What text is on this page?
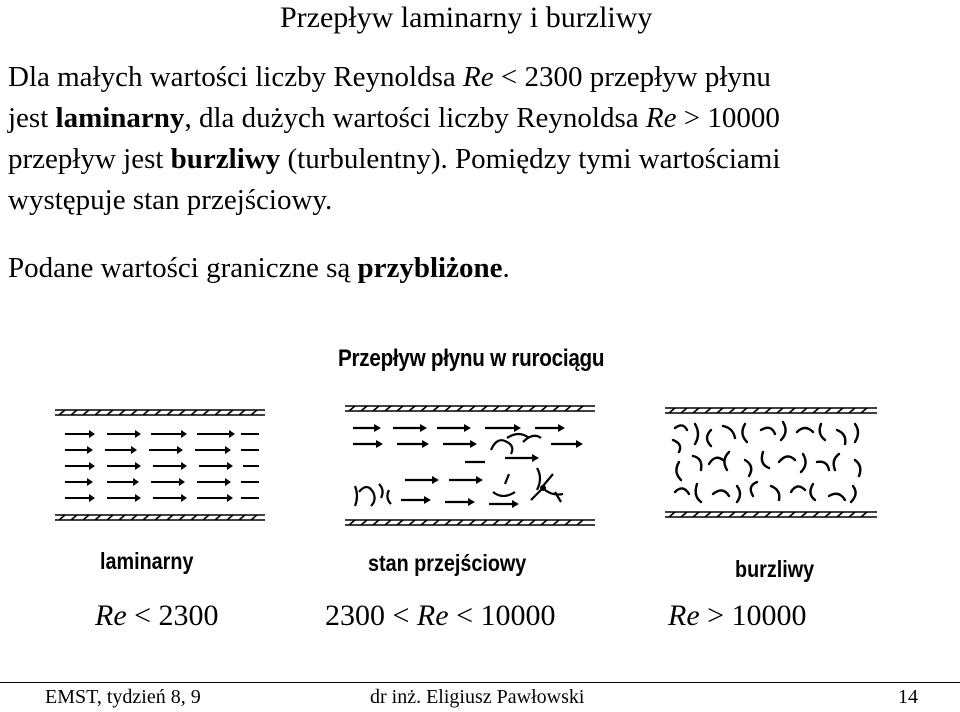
Przepływ laminarny i burzliwy
Dla małych wartości liczby Reynoldsa Re < 2300 przepływ płynu
jest laminarny, dla dużych wartości liczby Reynoldsa Re > 10000
przepływ jest burzliwy (turbulentny). Pomiędzy tymi wartościami
występuje stan przejściowy.
Podane wartości graniczne są przybliżone.
Przepływ płynu w rurociągu
laminarny	stan przejściowy	burzliwy
Re < 2300	2300 < Re < 10000	Re > 10000
EMST, tydzień 8, 9	dr inż. Eligiusz Pawłowski	14
